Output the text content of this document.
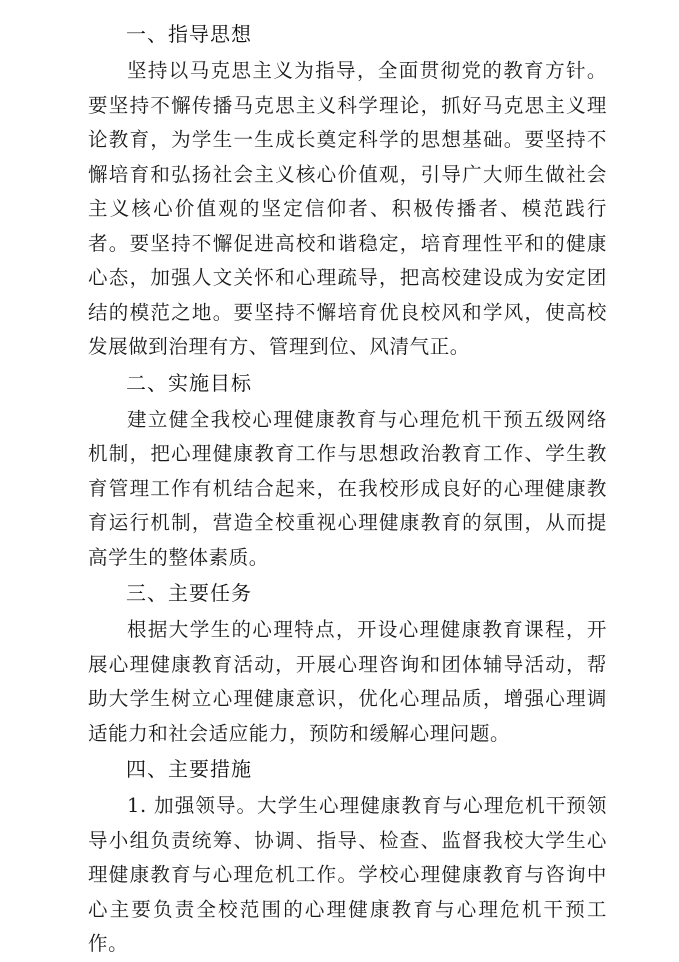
一、指导思想

坚持以马克思主义为指导，全面贯彻党的教育方针。要坚持不懈传播马克思主义科学理论，抓好马克思主义理论教育，为学生一生成长奠定科学的思想基础。要坚持不懈培育和弘扬社会主义核心价值观，引导广大师生做社会主义核心价值观的坚定信仰者、积极传播者、模范践行者。要坚持不懈促进高校和谐稳定，培育理性平和的健康心态，加强人文关怀和心理疏导，把高校建设成为安定团结的模范之地。要坚持不懈培育优良校风和学风，使高校发展做到治理有方、管理到位、风清气正。

二、实施目标

建立健全我校心理健康教育与心理危机干预五级网络机制，把心理健康教育工作与思想政治教育工作、学生教育管理工作有机结合起来，在我校形成良好的心理健康教育运行机制，营造全校重视心理健康教育的氛围，从而提高学生的整体素质。

三、主要任务

根据大学生的心理特点，开设心理健康教育课程，开展心理健康教育活动，开展心理咨询和团体辅导活动，帮助大学生树立心理健康意识，优化心理品质，增强心理调适能力和社会适应能力，预防和缓解心理问题。

四、主要措施

1. 加强领导。大学生心理健康教育与心理危机干预领导小组负责统筹、协调、指导、检查、监督我校大学生心理健康教育与心理危机工作。学校心理健康教育与咨询中心主要负责全校范围的心理健康教育与心理危机干预工作。
